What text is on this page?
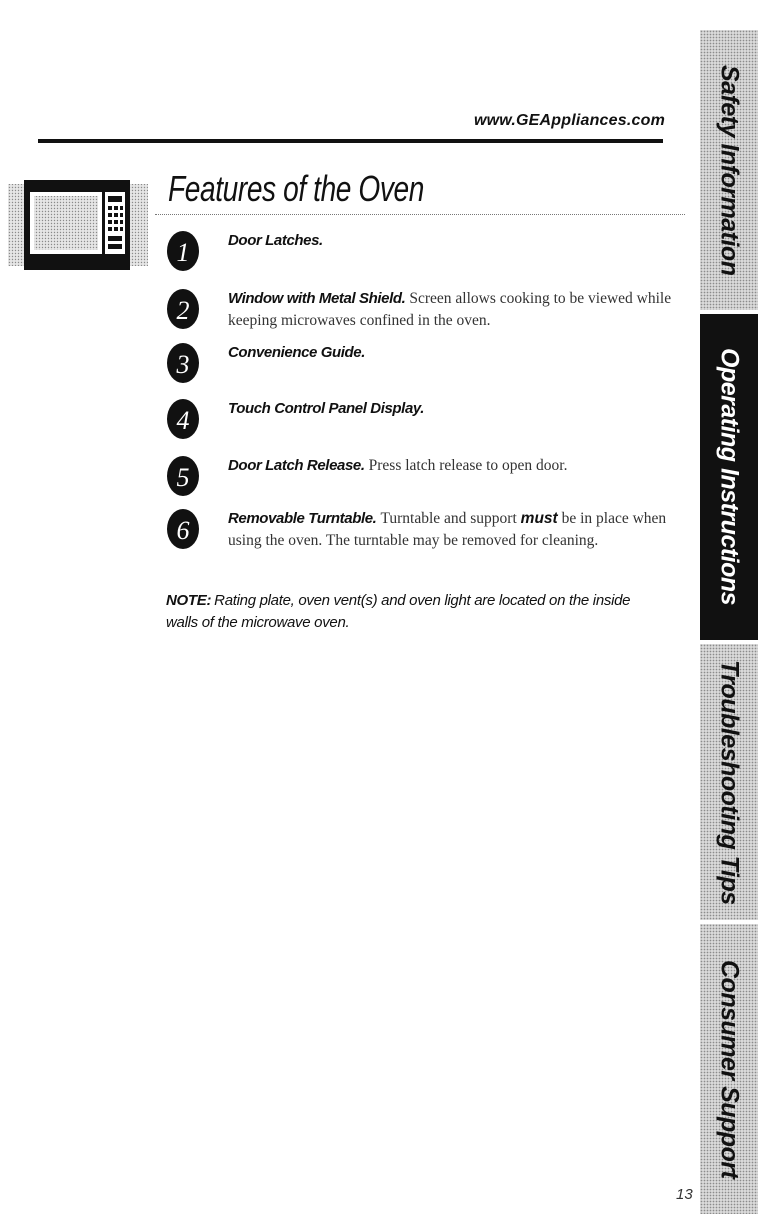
www.GEAppliances.com
Features of the Oven
1	Door Latches.
2	Window with Metal Shield. Screen allows cooking to be viewed while keeping microwaves confined in the oven.
3	Convenience Guide.
4	Touch Control Panel Display.
5	Door Latch Release. Press latch release to open door.
6	Removable Turntable. Turntable and support must be in place when using the oven. The turntable may be removed for cleaning.
NOTE: Rating plate, oven vent(s) and oven light are located on the inside walls of the microwave oven.
Safety Information
Operating Instructions
Troubleshooting Tips
Consumer Support
13
